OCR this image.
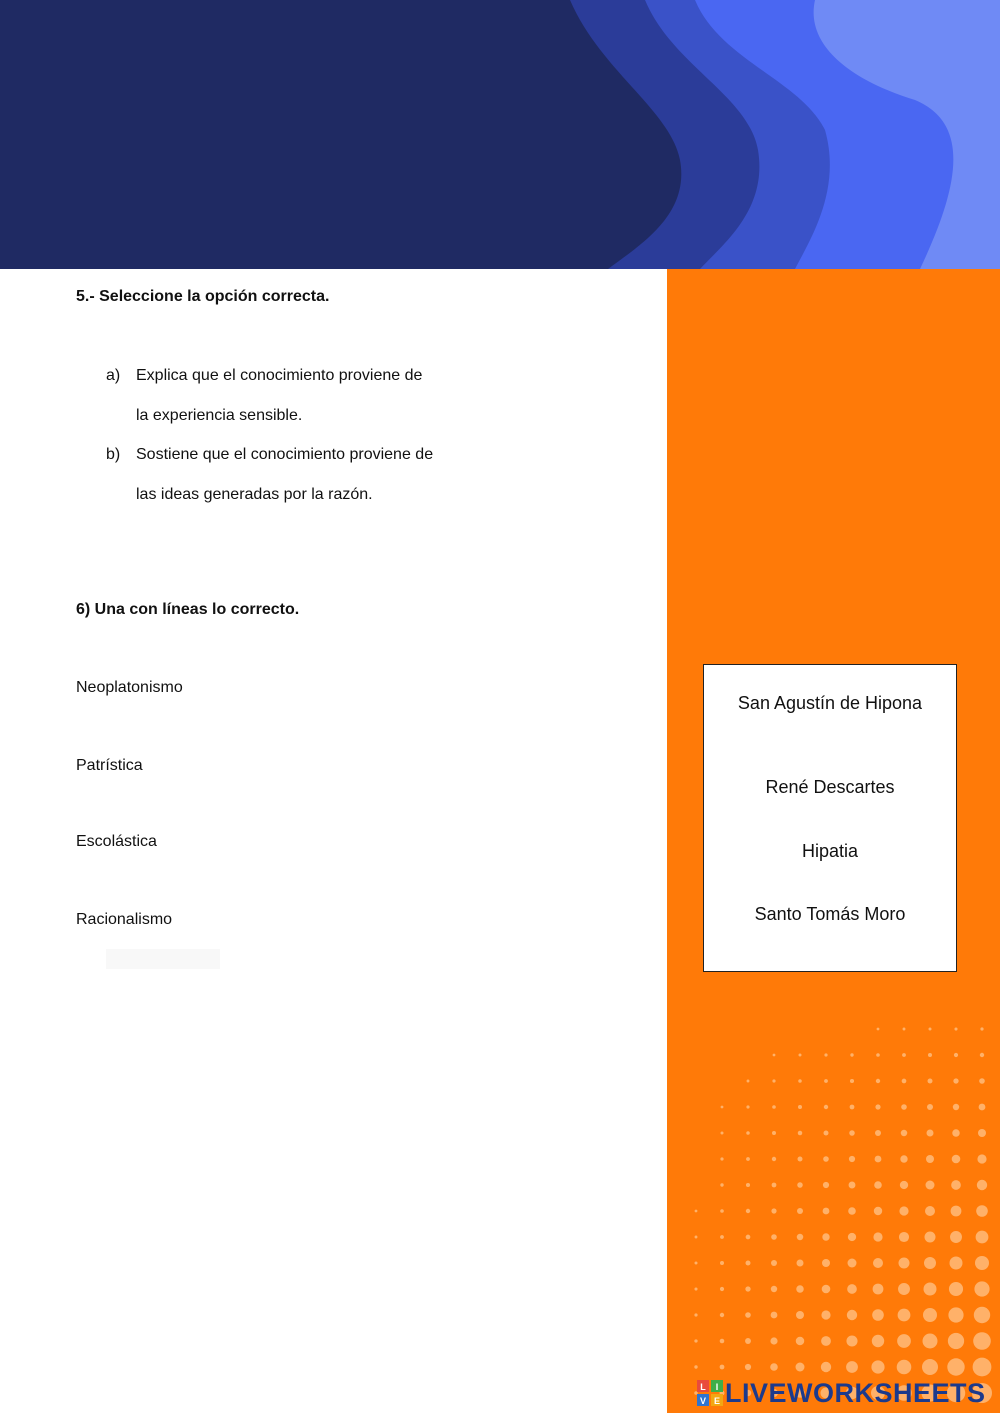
5.- Seleccione la opción correcta.

a) Explica que el conocimiento proviene de
la experiencia sensible.
b) Sostiene que el conocimiento proviene de
las ideas generadas por la razón.

6) Una con líneas lo correcto.

Neoplatonismo
Patrística
Escolástica
Racionalismo
San Agustín de Hipona
René Descartes
Hipatia
Santo Tomás Moro
L I
V E LIVEWORKSHEETS
